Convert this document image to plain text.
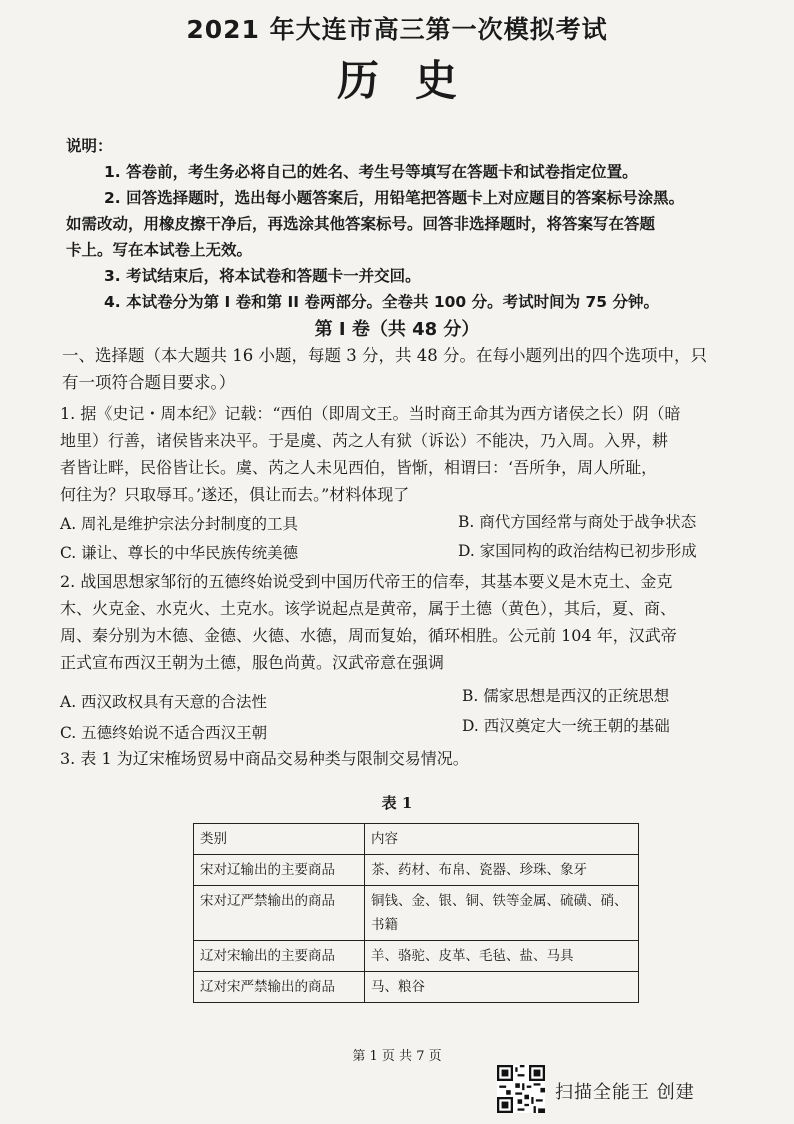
2021 年大连市高三第一次模拟考试
历史
说明：
1. 答卷前，考生务必将自己的姓名、考生号等填写在答题卡和试卷指定位置。
2. 回答选择题时，选出每小题答案后，用铅笔把答题卡上对应题目的答案标号涂黑。
如需改动，用橡皮擦干净后，再选涂其他答案标号。回答非选择题时，将答案写在答题
卡上。写在本试卷上无效。
3. 考试结束后，将本试卷和答题卡一并交回。
4. 本试卷分为第 I 卷和第 II 卷两部分。全卷共 100 分。考试时间为 75 分钟。
第 I 卷（共 48 分）
一、选择题（本大题共 16 小题，每题 3 分，共 48 分。在每小题列出的四个选项中，只
有一项符合题目要求。）
1. 据《史记・周本纪》记载：“西伯（即周文王。当时商王命其为西方诸侯之长）阴（暗
地里）行善，诸侯皆来决平。于是虞、芮之人有狱（诉讼）不能决，乃入周。入界，耕
者皆让畔，民俗皆让长。虞、芮之人未见西伯，皆惭，相谓曰：‘吾所争，周人所耻，
何往为？只取辱耳。’遂还，俱让而去。”材料体现了
A. 周礼是维护宗法分封制度的工具	B. 商代方国经常与商处于战争状态
C. 谦让、尊长的中华民族传统美德	D. 家国同构的政治结构已初步形成
2. 战国思想家邹衍的五德终始说受到中国历代帝王的信奉，其基本要义是木克土、金克
木、火克金、水克火、土克水。该学说起点是黄帝，属于土德（黄色），其后，夏、商、
周、秦分别为木德、金德、火德、水德，周而复始，循环相胜。公元前 104 年，汉武帝
正式宣布西汉王朝为土德，服色尚黄。汉武帝意在强调
A. 西汉政权具有天意的合法性	B. 儒家思想是西汉的正统思想
C. 五德终始说不适合西汉王朝	D. 西汉奠定大一统王朝的基础
3. 表 1 为辽宋榷场贸易中商品交易种类与限制交易情况。
表 1
类别	内容
宋对辽输出的主要商品	茶、药材、布帛、瓷器、珍珠、象牙
宋对辽严禁输出的商品	铜钱、金、银、铜、铁等金属、硫磺、硝、书籍
辽对宋输出的主要商品	羊、骆驼、皮革、毛毡、盐、马具
辽对宋严禁输出的商品	马、粮谷
第 1 页 共 7 页
扫描全能王 创建
